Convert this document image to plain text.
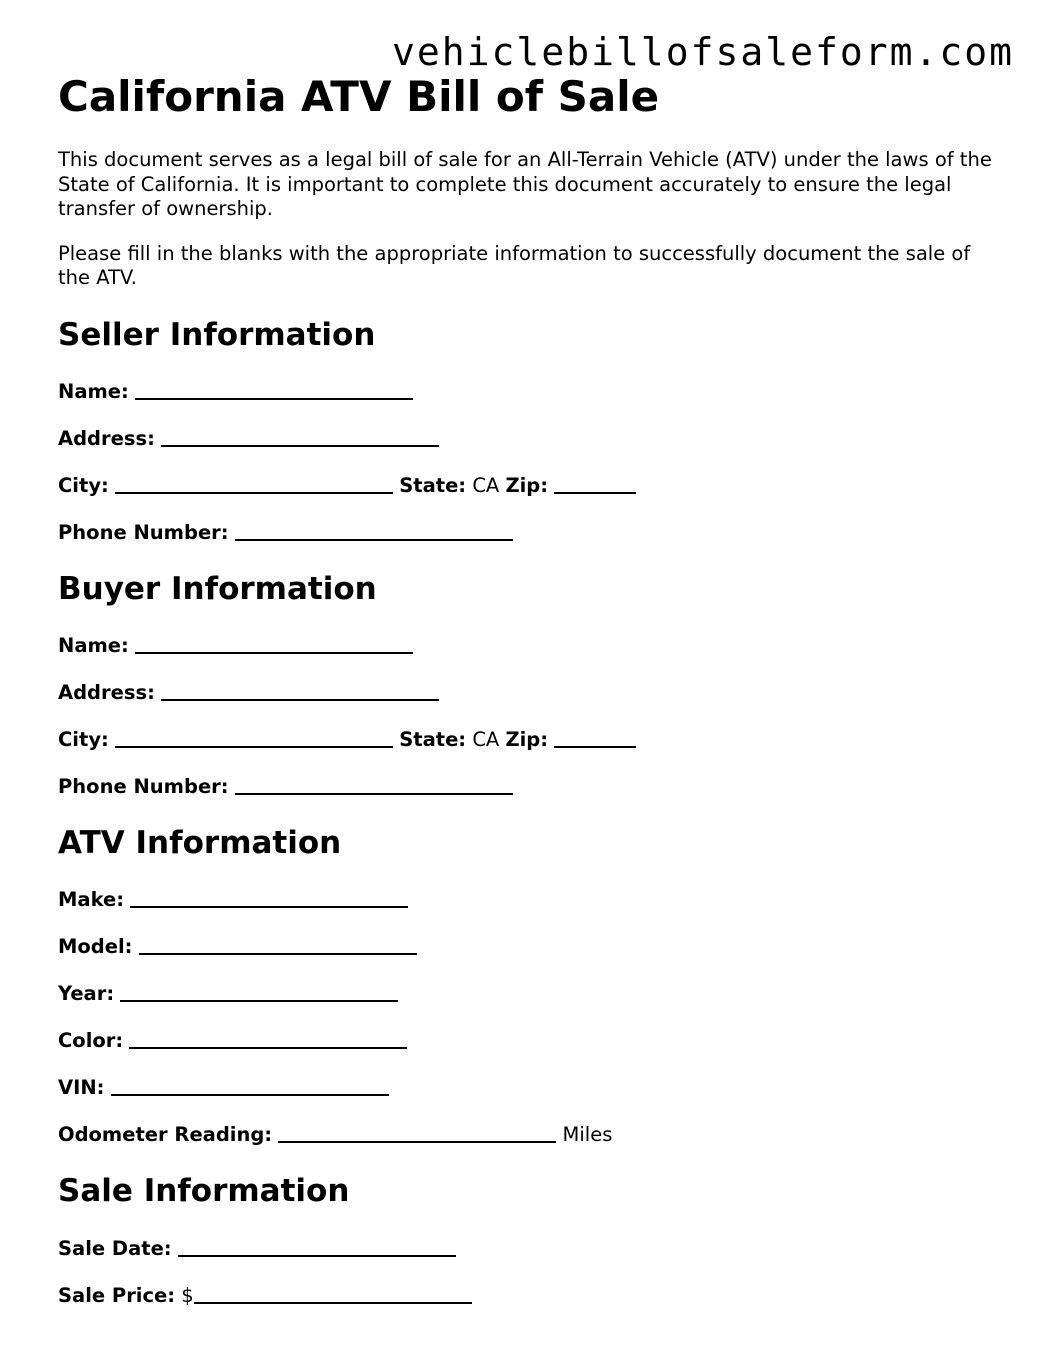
vehiclebillofsaleform.com
California ATV Bill of Sale

This document serves as a legal bill of sale for an All-Terrain Vehicle (ATV) under the laws of the State of California. It is important to complete this document accurately to ensure the legal transfer of ownership.

Please fill in the blanks with the appropriate information to successfully document the sale of the ATV.

Seller Information
Name:
Address:
City:	State: CA Zip:
Phone Number:
Buyer Information
Name:
Address:
City:	State: CA Zip:
Phone Number:
ATV Information
Make:
Model:
Year:
Color:
VIN:
Odometer Reading:	Miles
Sale Information
Sale Date:
Sale Price: $
